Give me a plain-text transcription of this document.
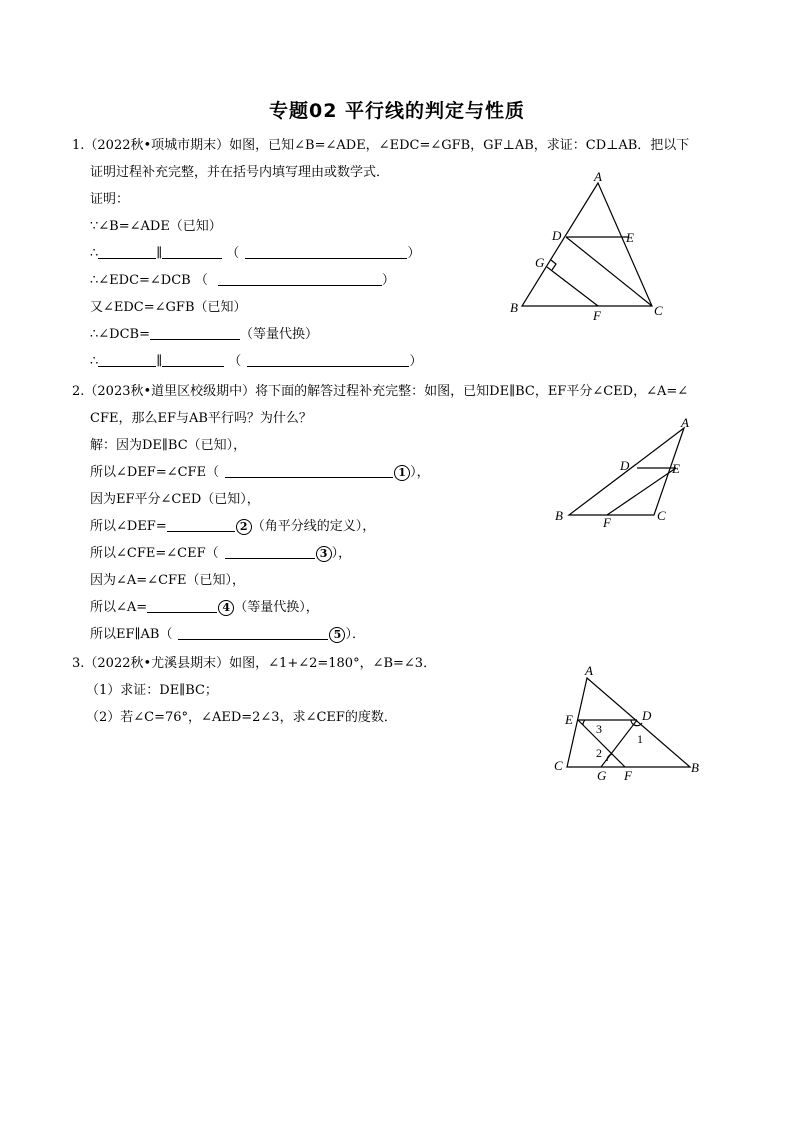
专题02 平行线的判定与性质
1.（2022秋•项城市期末）如图，已知∠B=∠ADE，∠EDC=∠GFB，GF⊥AB，求证：CD⊥AB．把以下
证明过程补充完整，并在括号内填写理由或数学式．
证明：
∵∠B=∠ADE（已知）
∴	∥	（	）
∴∠EDC=∠DCB （	）
又∠EDC=∠GFB（已知）
∴∠DCB=	（等量代换）
∴	∥	（	）
A
B	C
D	E
F
G
2.（2023秋•道里区校级期中）将下面的解答过程补充完整：如图，已知DE∥BC，EF平分∠CED，∠A=∠
CFE，那么EF与AB平行吗？为什么？
解：因为DE∥BC（已知），
所以∠DEF=∠CFE（	1 ），
因为EF平分∠CED（已知），
所以∠DEF=	2 （角平分线的定义），
所以∠CFE=∠CEF（	3 ），
因为∠A=∠CFE（已知），
所以∠A=	4 （等量代换），
所以EF∥AB（	5 ）．
A
B	C
D	E
F
3.（2022秋•尤溪县期末）如图，∠1+∠2=180°，∠B=∠3．
（1）求证：DE∥BC；
（2）若∠C=76°，∠AED=2∠3，求∠CEF的度数．
A
B
C
D
E
F
G
1
2
3
